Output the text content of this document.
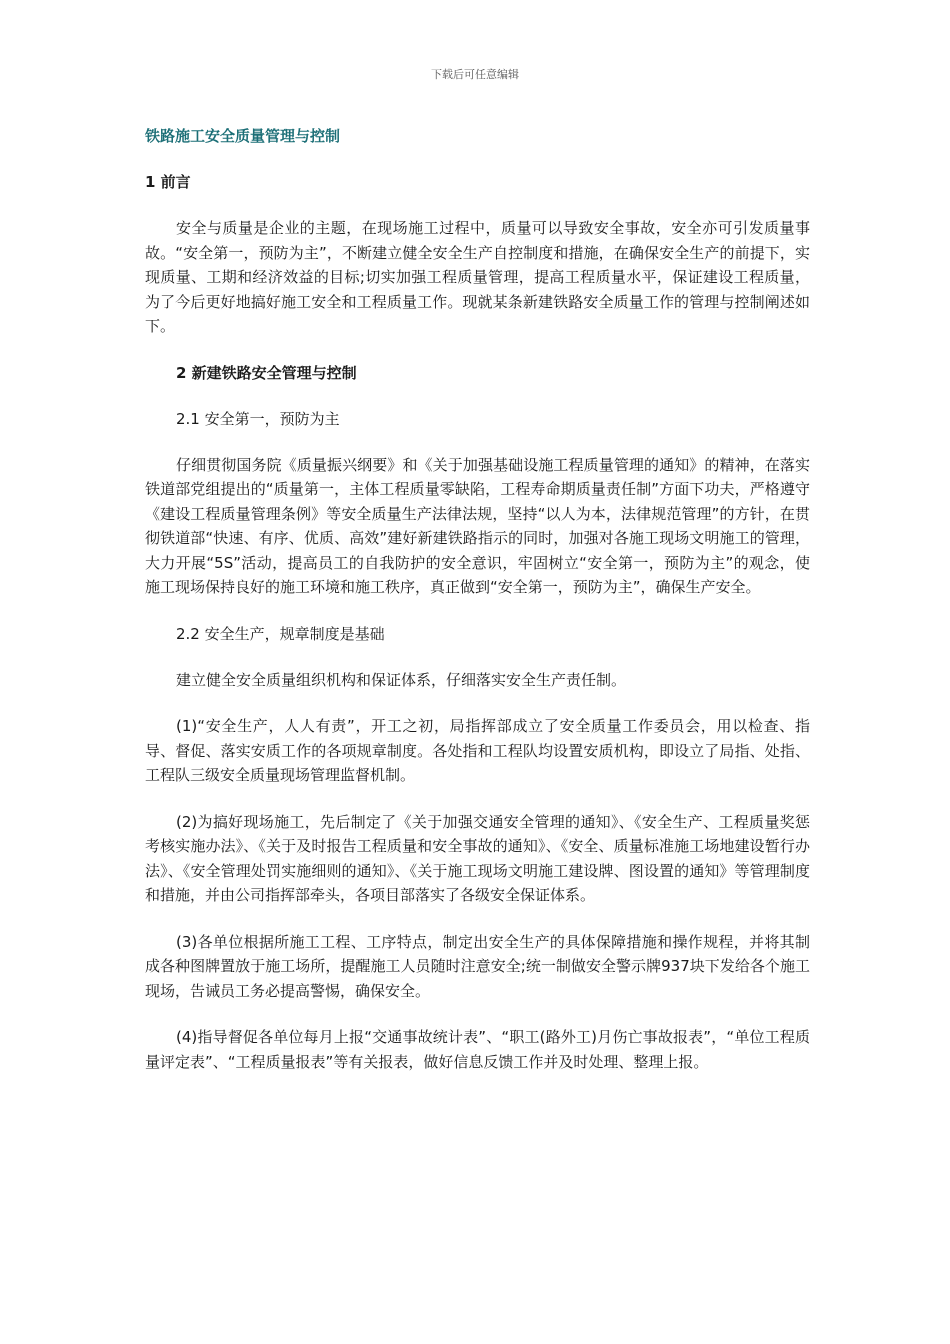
下载后可任意编辑

铁路施工安全质量管理与控制

1 前言

安全与质量是企业的主题，在现场施工过程中，质量可以导致安全事故，安全亦可引发质量事故。“安全第一，预防为主”，不断建立健全安全生产自控制度和措施，在确保安全生产的前提下，实现质量、工期和经济效益的目标;切实加强工程质量管理，提高工程质量水平，保证建设工程质量，为了今后更好地搞好施工安全和工程质量工作。现就某条新建铁路安全质量工作的管理与控制阐述如下。

2 新建铁路安全管理与控制

2.1 安全第一，预防为主

仔细贯彻国务院《质量振兴纲要》和《关于加强基础设施工程质量管理的通知》的精神，在落实铁道部党组提出的“质量第一，主体工程质量零缺陷，工程寿命期质量责任制”方面下功夫，严格遵守《建设工程质量管理条例》等安全质量生产法律法规，坚持“以人为本，法律规范管理”的方针，在贯彻铁道部“快速、有序、优质、高效”建好新建铁路指示的同时，加强对各施工现场文明施工的管理，大力开展“5S”活动，提高员工的自我防护的安全意识，牢固树立“安全第一，预防为主”的观念，使施工现场保持良好的施工环境和施工秩序，真正做到“安全第一，预防为主”，确保生产安全。

2.2 安全生产，规章制度是基础

建立健全安全质量组织机构和保证体系，仔细落实安全生产责任制。

(1)“安全生产，人人有责”，开工之初，局指挥部成立了安全质量工作委员会，用以检查、指导、督促、落实安质工作的各项规章制度。各处指和工程队均设置安质机构，即设立了局指、处指、工程队三级安全质量现场管理监督机制。

(2)为搞好现场施工，先后制定了《关于加强交通安全管理的通知》、《安全生产、工程质量奖惩考核实施办法》、《关于及时报告工程质量和安全事故的通知》、《安全、质量标准施工场地建设暂行办法》、《安全管理处罚实施细则的通知》、《关于施工现场文明施工建设牌、图设置的通知》等管理制度和措施，并由公司指挥部牵头，各项目部落实了各级安全保证体系。

(3)各单位根据所施工工程、工序特点，制定出安全生产的具体保障措施和操作规程，并将其制成各种图牌置放于施工场所，提醒施工人员随时注意安全;统一制做安全警示牌937块下发给各个施工现场，告诫员工务必提高警惕，确保安全。

(4)指导督促各单位每月上报“交通事故统计表”、“职工(路外工)月伤亡事故报表”，“单位工程质量评定表”、“工程质量报表”等有关报表，做好信息反馈工作并及时处理、整理上报。
